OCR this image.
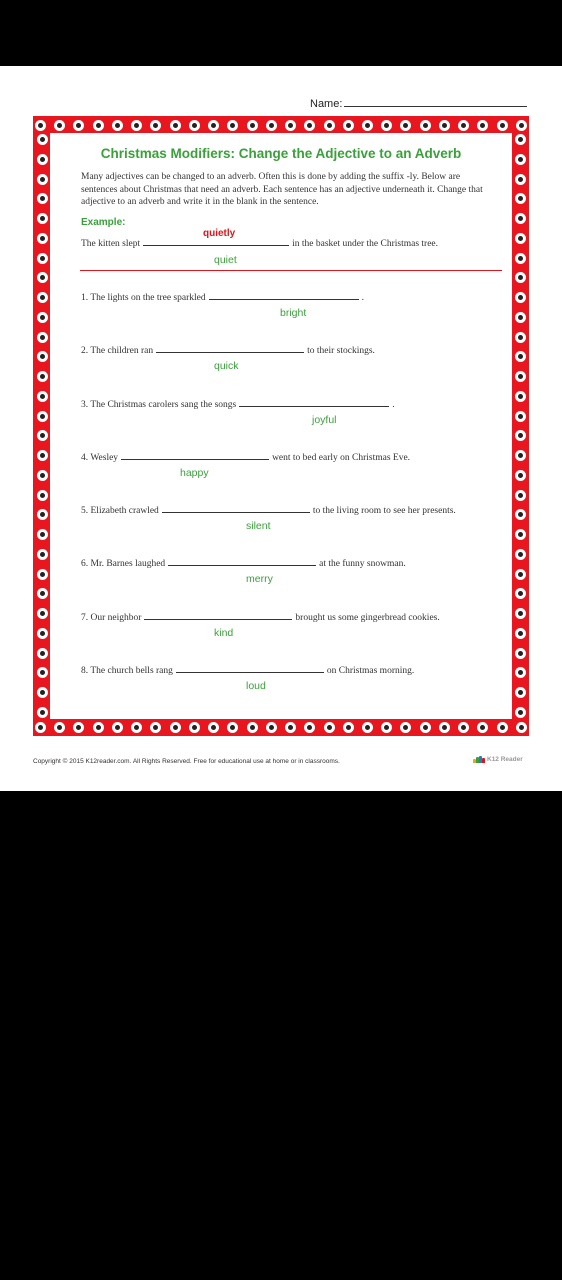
Name:
Christmas Modifiers: Change the Adjective to an Adverb
Many adjectives can be changed to an adverb. Often this is done by adding the suffix -ly. Below are sentences about Christmas that need an adverb. Each sentence has an adjective underneath it. Change that adjective to an adverb and write it in the blank in the sentence.
Example:
The kitten slept	in the basket under the Christmas tree.
quietly
quiet
1. The lights on the tree sparkled	.
bright
2. The children ran	to their stockings.
quick
3. The Christmas carolers sang the songs	.
joyful
4. Wesley	went to bed early on Christmas Eve.
happy
5. Elizabeth crawled	to the living room to see her presents.
silent
6. Mr. Barnes laughed	at the funny snowman.
merry
7. Our neighbor	brought us some gingerbread cookies.
kind
8. The church bells rang	on Christmas morning.
loud
Copyright © 2015 K12reader.com. All Rights Reserved. Free for educational use at home or in classrooms.	K12 Reader
